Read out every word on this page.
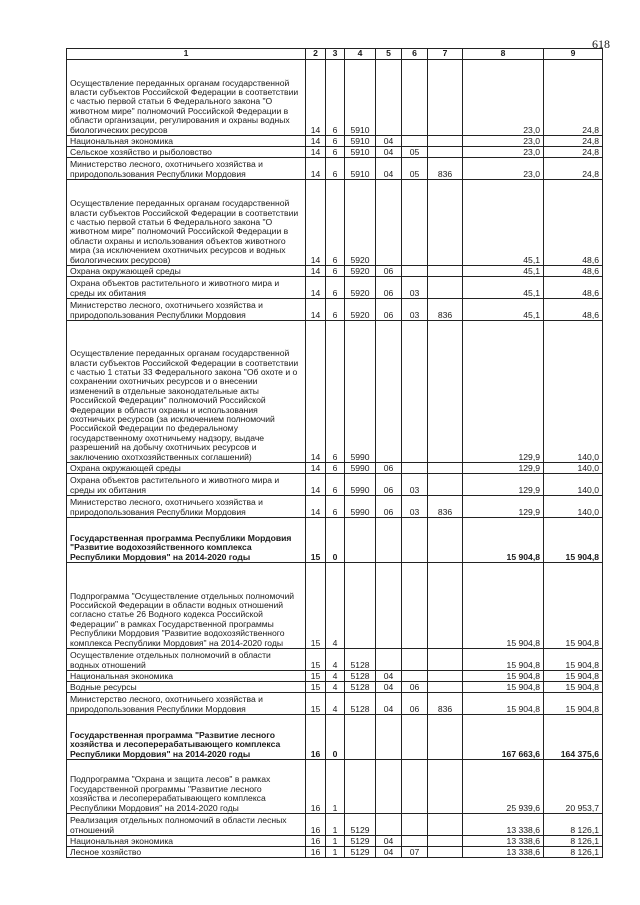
618
1	2	3	4	5	6	7	8	9
Осуществление переданных органам государственной власти субъектов Российской Федерации в соответствии с частью первой статьи 6 Федерального закона "О животном мире" полномочий Российской Федерации в области организации, регулирования и охраны водных биологических ресурсов	14	6	5910				23,0	24,8
Национальная экономика	14	6	5910	04			23,0	24,8
Сельское хозяйство и рыболовство	14	6	5910	04	05		23,0	24,8
Министерство лесного, охотничьего хозяйства и природопользования Республики Мордовия	14	6	5910	04	05	836	23,0	24,8
Осуществление переданных органам государственной власти субъектов Российской Федерации в соответствии с частью первой статьи 6 Федерального закона "О животном мире" полномочий Российской Федерации в области охраны и использования объектов животного мира (за исключением охотничьих ресурсов и водных биологических ресурсов)	14	6	5920				45,1	48,6
Охрана окружающей среды	14	6	5920	06			45,1	48,6
Охрана объектов растительного и животного мира и среды их обитания	14	6	5920	06	03		45,1	48,6
Министерство лесного, охотничьего хозяйства и природопользования Республики Мордовия	14	6	5920	06	03	836	45,1	48,6
Осуществление переданных органам государственной власти субъектов Российской Федерации в соответствии с частью 1 статьи 33 Федерального закона "Об охоте и о сохранении охотничьих ресурсов и о внесении изменений в отдельные законодательные акты Российской Федерации" полномочий Российской Федерации в области охраны и использования охотничьих ресурсов (за исключением полномочий Российской Федерации по федеральному государственному охотничьему надзору, выдаче разрешений на добычу охотничьих ресурсов и заключению охотхозяйственных соглашений)	14	6	5990				129,9	140,0
Охрана окружающей среды	14	6	5990	06			129,9	140,0
Охрана объектов растительного и животного мира и среды их обитания	14	6	5990	06	03		129,9	140,0
Министерство лесного, охотничьего хозяйства и природопользования Республики Мордовия	14	6	5990	06	03	836	129,9	140,0
Государственная программа Республики Мордовия "Развитие водохозяйственного комплекса Республики Мордовия" на 2014-2020 годы	15	0					15 904,8	15 904,8
Подпрограмма "Осуществление отдельных полномочий Российской Федерации в области водных отношений согласно статье 26 Водного кодекса Российской Федерации" в рамках Государственной программы Республики Мордовия "Развитие водохозяйственного комплекса Республики Мордовия" на 2014-2020 годы	15	4					15 904,8	15 904,8
Осуществление отдельных полномочий в области водных отношений	15	4	5128				15 904,8	15 904,8
Национальная экономика	15	4	5128	04			15 904,8	15 904,8
Водные ресурсы	15	4	5128	04	06		15 904,8	15 904,8
Министерство лесного, охотничьего хозяйства и природопользования Республики Мордовия	15	4	5128	04	06	836	15 904,8	15 904,8
Государственная программа "Развитие лесного хозяйства и лесоперерабатывающего комплекса Республики Мордовия" на 2014-2020 годы	16	0					167 663,6	164 375,6
Подпрограмма "Охрана и защита лесов" в рамках Государственной программы "Развитие лесного хозяйства и лесоперерабатывающего комплекса Республики Мордовия" на 2014-2020 годы	16	1					25 939,6	20 953,7
Реализация отдельных полномочий в области лесных отношений	16	1	5129				13 338,6	8 126,1
Национальная экономика	16	1	5129	04			13 338,6	8 126,1
Лесное хозяйство	16	1	5129	04	07		13 338,6	8 126,1
